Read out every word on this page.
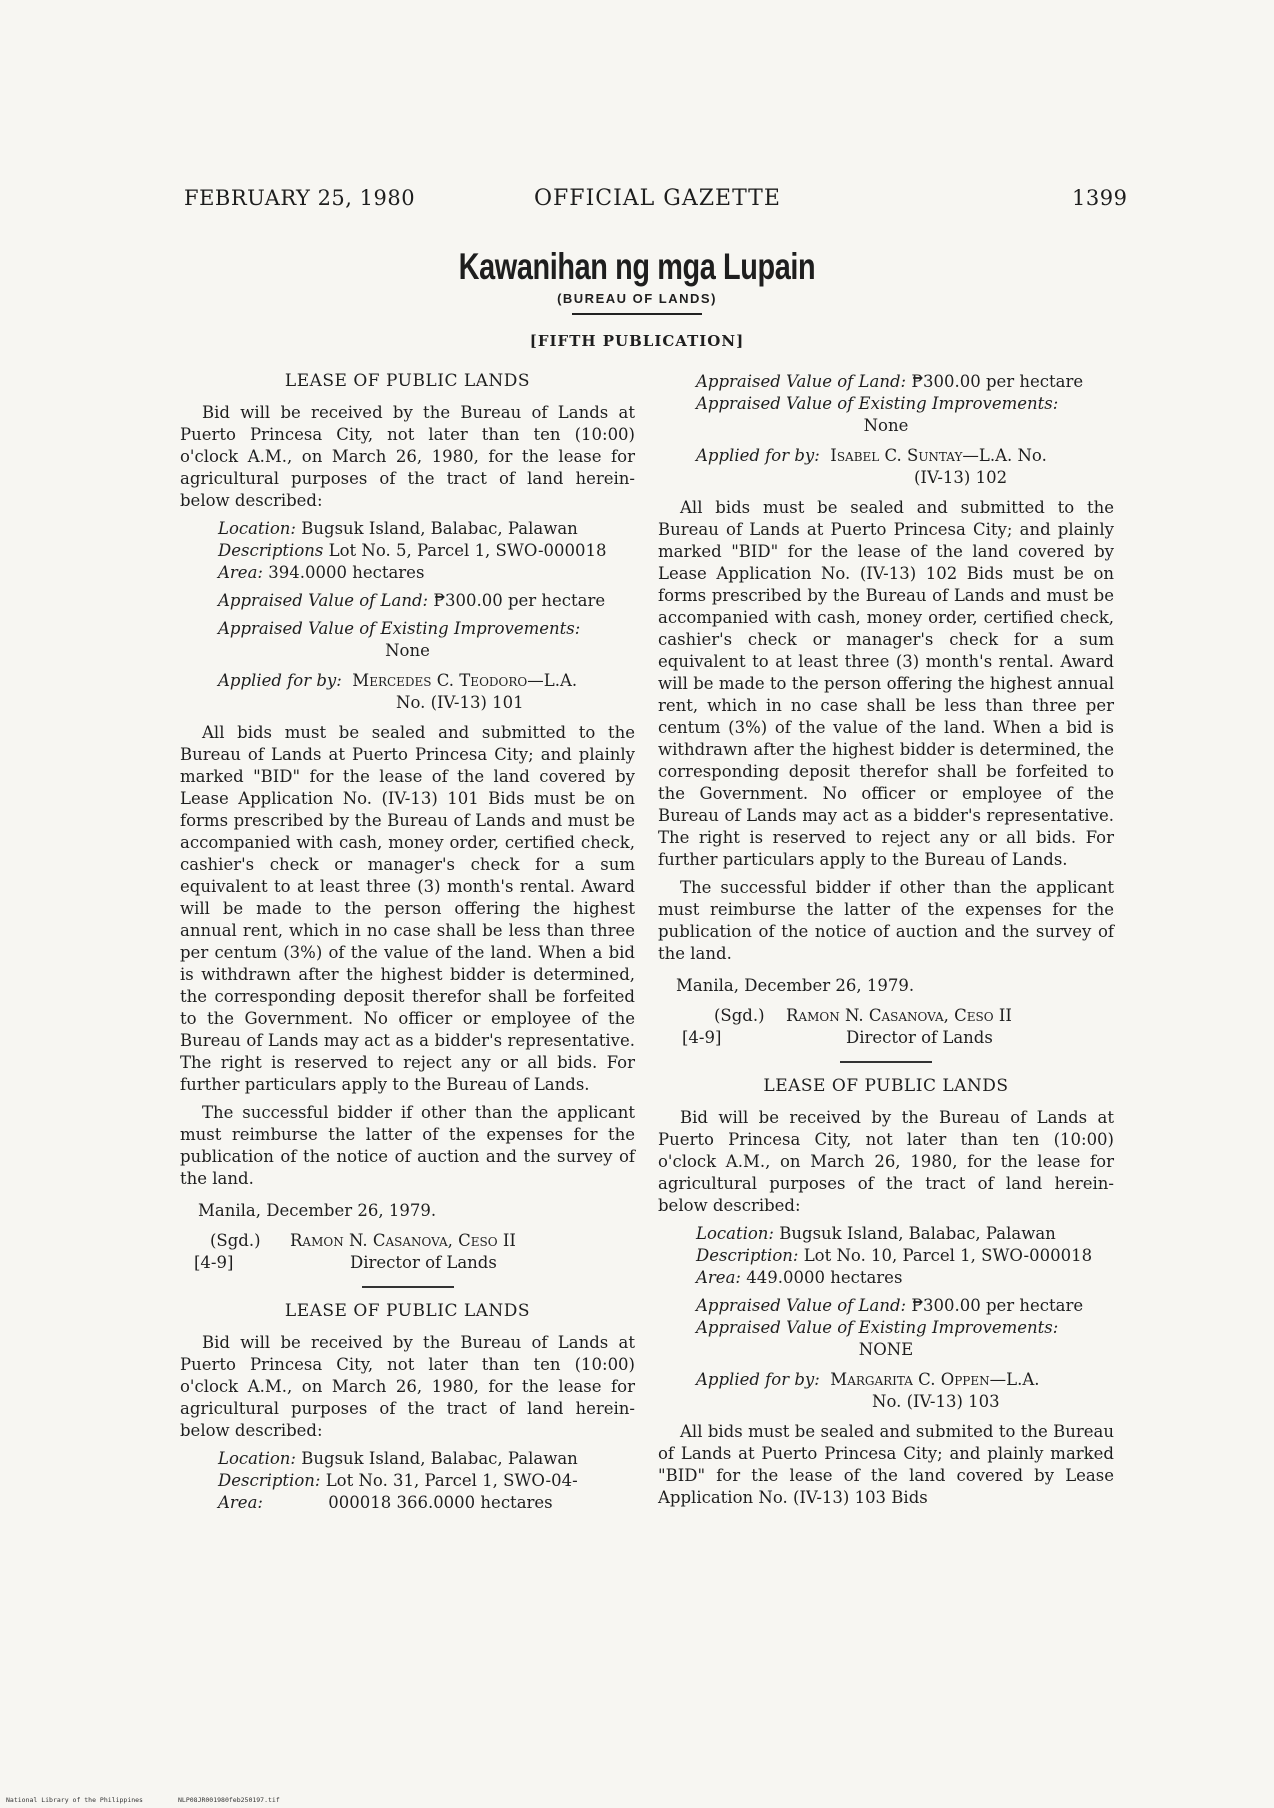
FEBRUARY 25, 1980	OFFICIAL GAZETTE	1399
Kawanihan ng mga Lupain
(BUREAU OF LANDS)
[FIFTH PUBLICATION]
LEASE OF PUBLIC LANDS

Bid will be received by the Bureau of Lands at Puerto Princesa City, not later than ten (10:00) o'clock A.M., on March 26, 1980, for the lease for agricultural purposes of the tract of land herein-below described:

Location: Bugsuk Island, Balabac, Palawan
Descriptions Lot No. 5, Parcel 1, SWO-000018
Area: 394.0000 hectares
Appraised Value of Land: ₱300.00 per hectare
Appraised Value of Existing Improvements:
None
Applied for by: Mercedes C. Teodoro—L.A.
No. (IV-13) 101

All bids must be sealed and submitted to the Bureau of Lands at Puerto Princesa City; and plainly marked "BID" for the lease of the land covered by Lease Application No. (IV-13) 101 Bids must be on forms prescribed by the Bureau of Lands and must be accompanied with cash, money order, certified check, cashier's check or manager's check for a sum equivalent to at least three (3) month's rental. Award will be made to the person offering the highest annual rent, which in no case shall be less than three per centum (3%) of the value of the land. When a bid is withdrawn after the highest bidder is determined, the corresponding deposit therefor shall be forfeited to the Government. No officer or employee of the Bureau of Lands may act as a bidder's representative. The right is reserved to reject any or all bids. For further particulars apply to the Bureau of Lands.

The successful bidder if other than the applicant must reimburse the latter of the expenses for the publication of the notice of auction and the survey of the land.

Manila, December 26, 1979.
(Sgd.) Ramon N. Casanova, Ceso II
[4-9]	Director of Lands
LEASE OF PUBLIC LANDS

Bid will be received by the Bureau of Lands at Puerto Princesa City, not later than ten (10:00) o'clock A.M., on March 26, 1980, for the lease for agricultural purposes of the tract of land herein-below described:

Location: Bugsuk Island, Balabac, Palawan
Description: Lot No. 31, Parcel 1, SWO-04-
Area:	000018 366.0000 hectares
Appraised Value of Land: ₱300.00 per hectare
Appraised Value of Existing Improvements:
None
Applied for by: Isabel C. Suntay—L.A. No.
(IV-13) 102

All bids must be sealed and submitted to the Bureau of Lands at Puerto Princesa City; and plainly marked "BID" for the lease of the land covered by Lease Application No. (IV-13) 102 Bids must be on forms prescribed by the Bureau of Lands and must be accompanied with cash, money order, certified check, cashier's check or manager's check for a sum equivalent to at least three (3) month's rental. Award will be made to the person offering the highest annual rent, which in no case shall be less than three per centum (3%) of the value of the land. When a bid is withdrawn after the highest bidder is determined, the corresponding deposit therefor shall be forfeited to the Government. No officer or employee of the Bureau of Lands may act as a bidder's representative. The right is reserved to reject any or all bids. For further particulars apply to the Bureau of Lands.

The successful bidder if other than the applicant must reimburse the latter of the expenses for the publication of the notice of auction and the survey of the land.

Manila, December 26, 1979.
(Sgd.) Ramon N. Casanova, Ceso II
[4-9]	Director of Lands
LEASE OF PUBLIC LANDS

Bid will be received by the Bureau of Lands at Puerto Princesa City, not later than ten (10:00) o'clock A.M., on March 26, 1980, for the lease for agricultural purposes of the tract of land herein-below described:

Location: Bugsuk Island, Balabac, Palawan
Description: Lot No. 10, Parcel 1, SWO-000018
Area: 449.0000 hectares
Appraised Value of Land: ₱300.00 per hectare
Appraised Value of Existing Improvements:
NONE
Applied for by: Margarita C. Oppen—L.A.
No. (IV-13) 103

All bids must be sealed and submited to the Bureau of Lands at Puerto Princesa City; and plainly marked "BID" for the lease of the land covered by Lease Application No. (IV-13) 103 Bids

National Library of the Philippines	NLP08JR001980feb250197.tif
